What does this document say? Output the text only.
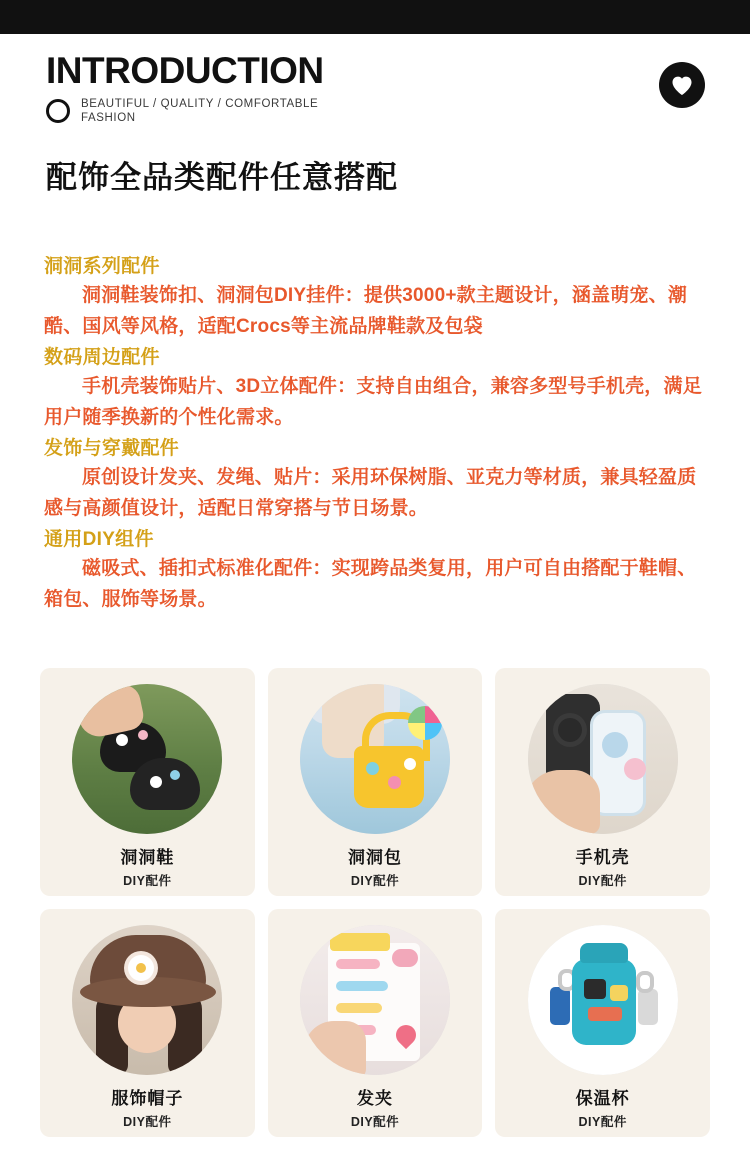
INTRODUCTION
BEAUTIFUL / QUALITY / COMFORTABLE FASHION
配饰全品类配件任意搭配
洞洞系列配件
洞洞鞋装饰扣、洞洞包DIY挂件：提供3000+款主题设计，涵盖萌宠、潮酷、国风等风格，适配Crocs等主流品牌鞋款及包袋
数码周边配件
手机壳装饰贴片、3D立体配件：支持自由组合，兼容多型号手机壳，满足用户随季换新的个性化需求。
发饰与穿戴配件
原创设计发夹、发绳、贴片：采用环保树脂、亚克力等材质，兼具轻盈质感与高颜值设计，适配日常穿搭与节日场景。
通用DIY组件
磁吸式、插扣式标准化配件：实现跨品类复用，用户可自由搭配于鞋帽、箱包、服饰等场景。
洞洞鞋
DIY配件
洞洞包
DIY配件
手机壳
DIY配件
服饰帽子
DIY配件
发夹
DIY配件
保温杯
DIY配件
